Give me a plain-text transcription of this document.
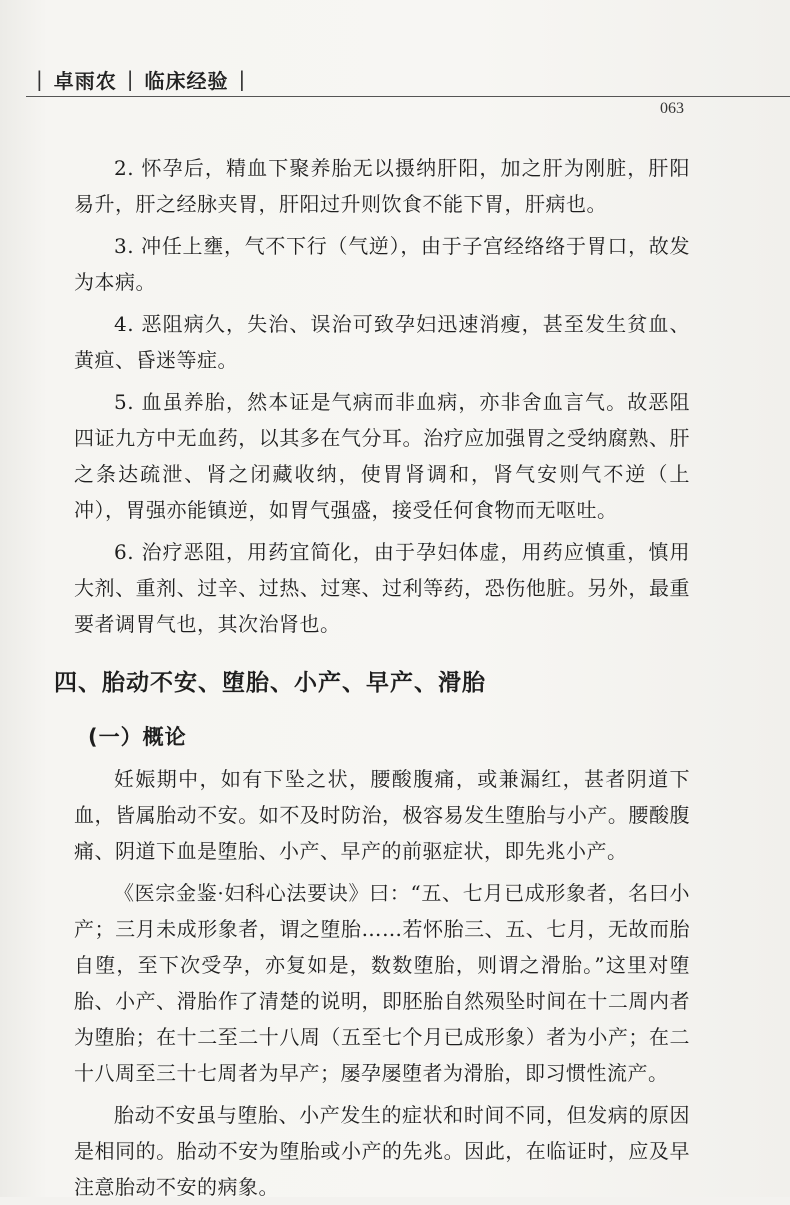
| 卓雨农 | 临床经验 |
063

2. 怀孕后，精血下聚养胎无以摄纳肝阳，加之肝为刚脏，肝阳易升，肝之经脉夹胃，肝阳过升则饮食不能下胃，肝病也。

3. 冲任上壅，气不下行（气逆），由于子宫经络络于胃口，故发为本病。

4. 恶阻病久，失治、误治可致孕妇迅速消瘦，甚至发生贫血、黄疸、昏迷等症。

5. 血虽养胎，然本证是气病而非血病，亦非舍血言气。故恶阻四证九方中无血药，以其多在气分耳。治疗应加强胃之受纳腐熟、肝之条达疏泄、肾之闭藏收纳，使胃肾调和，肾气安则气不逆（上冲），胃强亦能镇逆，如胃气强盛，接受任何食物而无呕吐。

6. 治疗恶阻，用药宜简化，由于孕妇体虚，用药应慎重，慎用大剂、重剂、过辛、过热、过寒、过利等药，恐伤他脏。另外，最重要者调胃气也，其次治肾也。

四、胎动不安、堕胎、小产、早产、滑胎
(一）概论

妊娠期中，如有下坠之状，腰酸腹痛，或兼漏红，甚者阴道下血，皆属胎动不安。如不及时防治，极容易发生堕胎与小产。腰酸腹痛、阴道下血是堕胎、小产、早产的前驱症状，即先兆小产。

《医宗金鉴·妇科心法要诀》曰：“五、七月已成形象者，名曰小产；三月未成形象者，谓之堕胎……若怀胎三、五、七月，无故而胎自堕，至下次受孕，亦复如是，数数堕胎，则谓之滑胎。”这里对堕胎、小产、滑胎作了清楚的说明，即胚胎自然殒坠时间在十二周内者为堕胎；在十二至二十八周（五至七个月已成形象）者为小产；在二十八周至三十七周者为早产；屡孕屡堕者为滑胎，即习惯性流产。

胎动不安虽与堕胎、小产发生的症状和时间不同，但发病的原因是相同的。胎动不安为堕胎或小产的先兆。因此，在临证时，应及早注意胎动不安的病象。
